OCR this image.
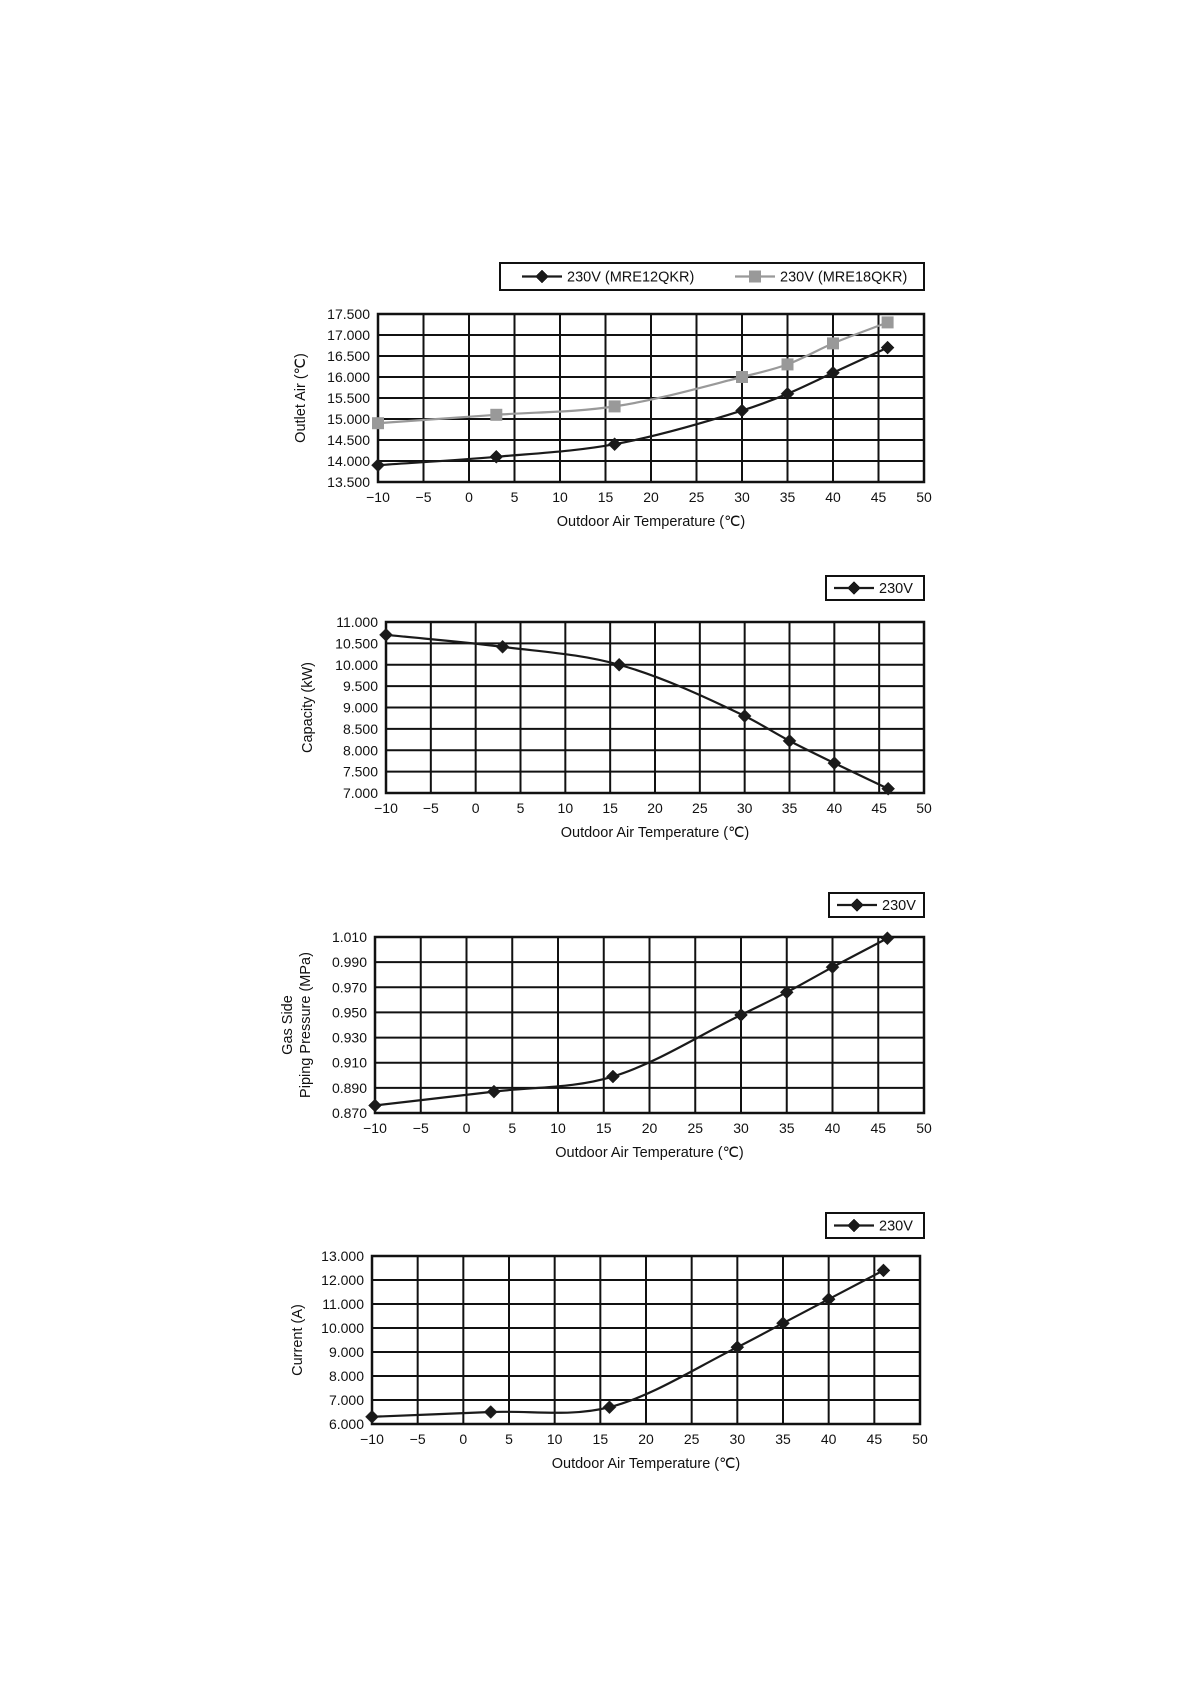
−10 −5 0	5 10 15 20 25 30 35 40 45 50
13.500
14.000
14.500
15.000
15.500
16.000
16.500
17.000
17.500
Outdoor Air Temperature (℃)
Outlet Air (℃)
230V (MRE12QKR)	230V (MRE18QKR)
−10 −5 0	5 10 15 20 25 30 35 40 45 50
7.000
7.500
8.000
8.500
9.000
9.500
10.000
10.500
11.000
Outdoor Air Temperature (℃)
Capacity (kW)
230V
−10 −5 0	5 10 15 20 25 30 35 40 45 50
0.870
0.890
0.910
0.930
0.950
0.970
0.990
1.010
Outdoor Air Temperature (℃)
Gas Side Piping Pressure (MPa)
230V
−10 −5 0	5 10 15 20 25 30 35 40 45 50
6.000
7.000
8.000
9.000
10.000
11.000
12.000
13.000
Outdoor Air Temperature (℃)
Current (A)
230V
